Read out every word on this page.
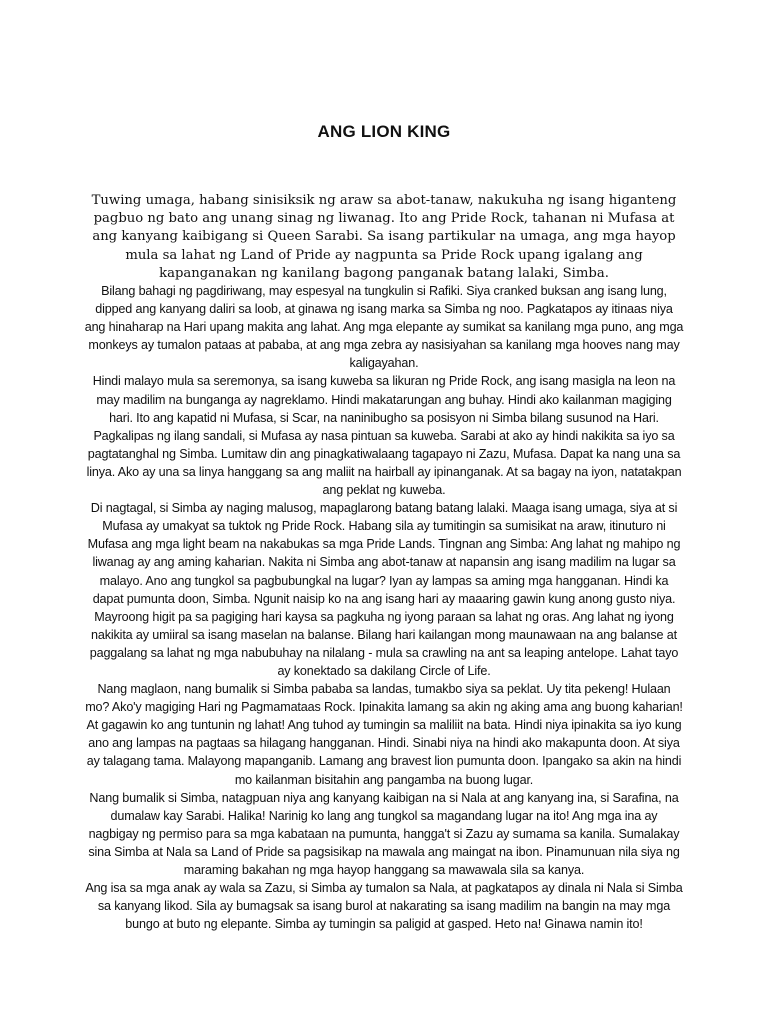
ANG LION KING
Tuwing umaga, habang sinisiksik ng araw sa abot-tanaw, nakukuha ng isang higanteng pagbuo ng bato ang unang sinag ng liwanag. Ito ang Pride Rock, tahanan ni Mufasa at ang kanyang kaibigang si Queen Sarabi. Sa isang partikular na umaga, ang mga hayop mula sa lahat ng Land of Pride ay nagpunta sa Pride Rock upang igalang ang kapanganakan ng kanilang bagong panganak batang lalaki, Simba.

Bilang bahagi ng pagdiriwang, may espesyal na tungkulin si Rafiki. Siya cranked buksan ang isang lung, dipped ang kanyang daliri sa loob, at ginawa ng isang marka sa Simba ng noo. Pagkatapos ay itinaas niya ang hinaharap na Hari upang makita ang lahat. Ang mga elepante ay sumikat sa kanilang mga puno, ang mga monkeys ay tumalon pataas at pababa, at ang mga zebra ay nasisiyahan sa kanilang mga hooves nang may kaligayahan.

Hindi malayo mula sa seremonya, sa isang kuweba sa likuran ng Pride Rock, ang isang masigla na leon na may madilim na bunganga ay nagreklamo. Hindi makatarungan ang buhay. Hindi ako kailanman magiging hari. Ito ang kapatid ni Mufasa, si Scar, na naninibugho sa posisyon ni Simba bilang susunod na Hari. Pagkalipas ng ilang sandali, si Mufasa ay nasa pintuan sa kuweba. Sarabi at ako ay hindi nakikita sa iyo sa pagtatanghal ng Simba. Lumitaw din ang pinagkatiwalaang tagapayo ni Zazu, Mufasa. Dapat ka nang una sa linya. Ako ay una sa linya hanggang sa ang maliit na hairball ay ipinanganak. At sa bagay na iyon, natatakpan ang peklat ng kuweba.

Di nagtagal, si Simba ay naging malusog, mapaglarong batang batang lalaki. Maaga isang umaga, siya at si Mufasa ay umakyat sa tuktok ng Pride Rock. Habang sila ay tumitingin sa sumisikat na araw, itinuturo ni Mufasa ang mga light beam na nakabukas sa mga Pride Lands. Tingnan ang Simba: Ang lahat ng mahipo ng liwanag ay ang aming kaharian. Nakita ni Simba ang abot-tanaw at napansin ang isang madilim na lugar sa malayo. Ano ang tungkol sa pagbubungkal na lugar? Iyan ay lampas sa aming mga hangganan. Hindi ka dapat pumunta doon, Simba. Ngunit naisip ko na ang isang hari ay maaaring gawin kung anong gusto niya. Mayroong higit pa sa pagiging hari kaysa sa pagkuha ng iyong paraan sa lahat ng oras. Ang lahat ng iyong nakikita ay umiiral sa isang maselan na balanse. Bilang hari kailangan mong maunawaan na ang balanse at paggalang sa lahat ng mga nabubuhay na nilalang - mula sa crawling na ant sa leaping antelope. Lahat tayo ay konektado sa dakilang Circle of Life.

Nang maglaon, nang bumalik si Simba pababa sa landas, tumakbo siya sa peklat. Uy tita pekeng! Hulaan mo? Ako'y magiging Hari ng Pagmamataas Rock. Ipinakita lamang sa akin ng aking ama ang buong kaharian! At gagawin ko ang tuntunin ng lahat! Ang tuhod ay tumingin sa maliliit na bata. Hindi niya ipinakita sa iyo kung ano ang lampas na pagtaas sa hilagang hangganan. Hindi. Sinabi niya na hindi ako makapunta doon. At siya ay talagang tama. Malayong mapanganib. Lamang ang bravest lion pumunta doon. Ipangako sa akin na hindi mo kailanman bisitahin ang pangamba na buong lugar.

Nang bumalik si Simba, natagpuan niya ang kanyang kaibigan na si Nala at ang kanyang ina, si Sarafina, na dumalaw kay Sarabi. Halika! Narinig ko lang ang tungkol sa magandang lugar na ito! Ang mga ina ay nagbigay ng permiso para sa mga kabataan na pumunta, hangga't si Zazu ay sumama sa kanila. Sumalakay sina Simba at Nala sa Land of Pride sa pagsisikap na mawala ang maingat na ibon. Pinamunuan nila siya ng maraming bakahan ng mga hayop hanggang sa mawawala sila sa kanya.

Ang isa sa mga anak ay wala sa Zazu, si Simba ay tumalon sa Nala, at pagkatapos ay dinala ni Nala si Simba sa kanyang likod. Sila ay bumagsak sa isang burol at nakarating sa isang madilim na bangin na may mga bungo at buto ng elepante. Simba ay tumingin sa paligid at gasped. Heto na! Ginawa namin ito!
